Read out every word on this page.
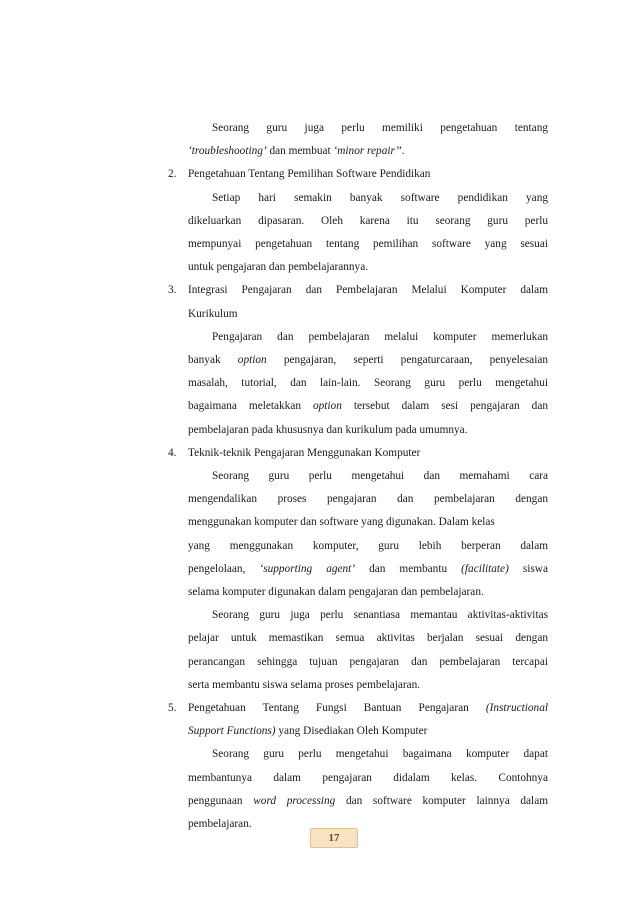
Seorang guru juga perlu memiliki pengetahuan tentang

‘troubleshooting’ dan membuat ‘minor repair’’.

2.	Pengetahuan Tentang Pemilihan Software Pendidikan

Setiap hari semakin banyak software pendidikan yang

dikeluarkan dipasaran. Oleh karena itu seorang guru perlu

mempunyai pengetahuan tentang pemilihan software yang sesuai

untuk pengajaran dan pembelajarannya.

3.	Integrasi Pengajaran dan Pembelajaran Melalui Komputer dalam

Kurikulum

Pengajaran dan pembelajaran melalui komputer memerlukan

banyak option pengajaran, seperti pengaturcaraan, penyelesaian

masalah, tutorial, dan lain-lain. Seorang guru perlu mengetahui

bagaimana meletakkan option tersebut dalam sesi pengajaran dan

pembelajaran pada khususnya dan kurikulum pada umumnya.

4.	Teknik-teknik Pengajaran Menggunakan Komputer

Seorang guru perlu mengetahui dan memahami cara

mengendalikan proses pengajaran dan pembelajaran dengan

menggunakan komputer dan software yang digunakan. Dalam kelas

yang menggunakan komputer, guru lebih berperan dalam

pengelolaan, ‘supporting agent’ dan membantu (facilitate) siswa

selama komputer digunakan dalam pengajaran dan pembelajaran.

Seorang guru juga perlu senantiasa memantau aktivitas-aktivitas

pelajar untuk memastikan semua aktivitas berjalan sesuai dengan

perancangan sehingga tujuan pengajaran dan pembelajaran tercapai

serta membantu siswa selama proses pembelajaran.

5.	Pengetahuan Tentang Fungsi Bantuan Pengajaran (Instructional

Support Functions) yang Disediakan Oleh Komputer

Seorang guru perlu mengetahui bagaimana komputer dapat

membantunya dalam pengajaran didalam kelas. Contohnya

penggunaan word processing dan software komputer lainnya dalam

pembelajaran.

17
